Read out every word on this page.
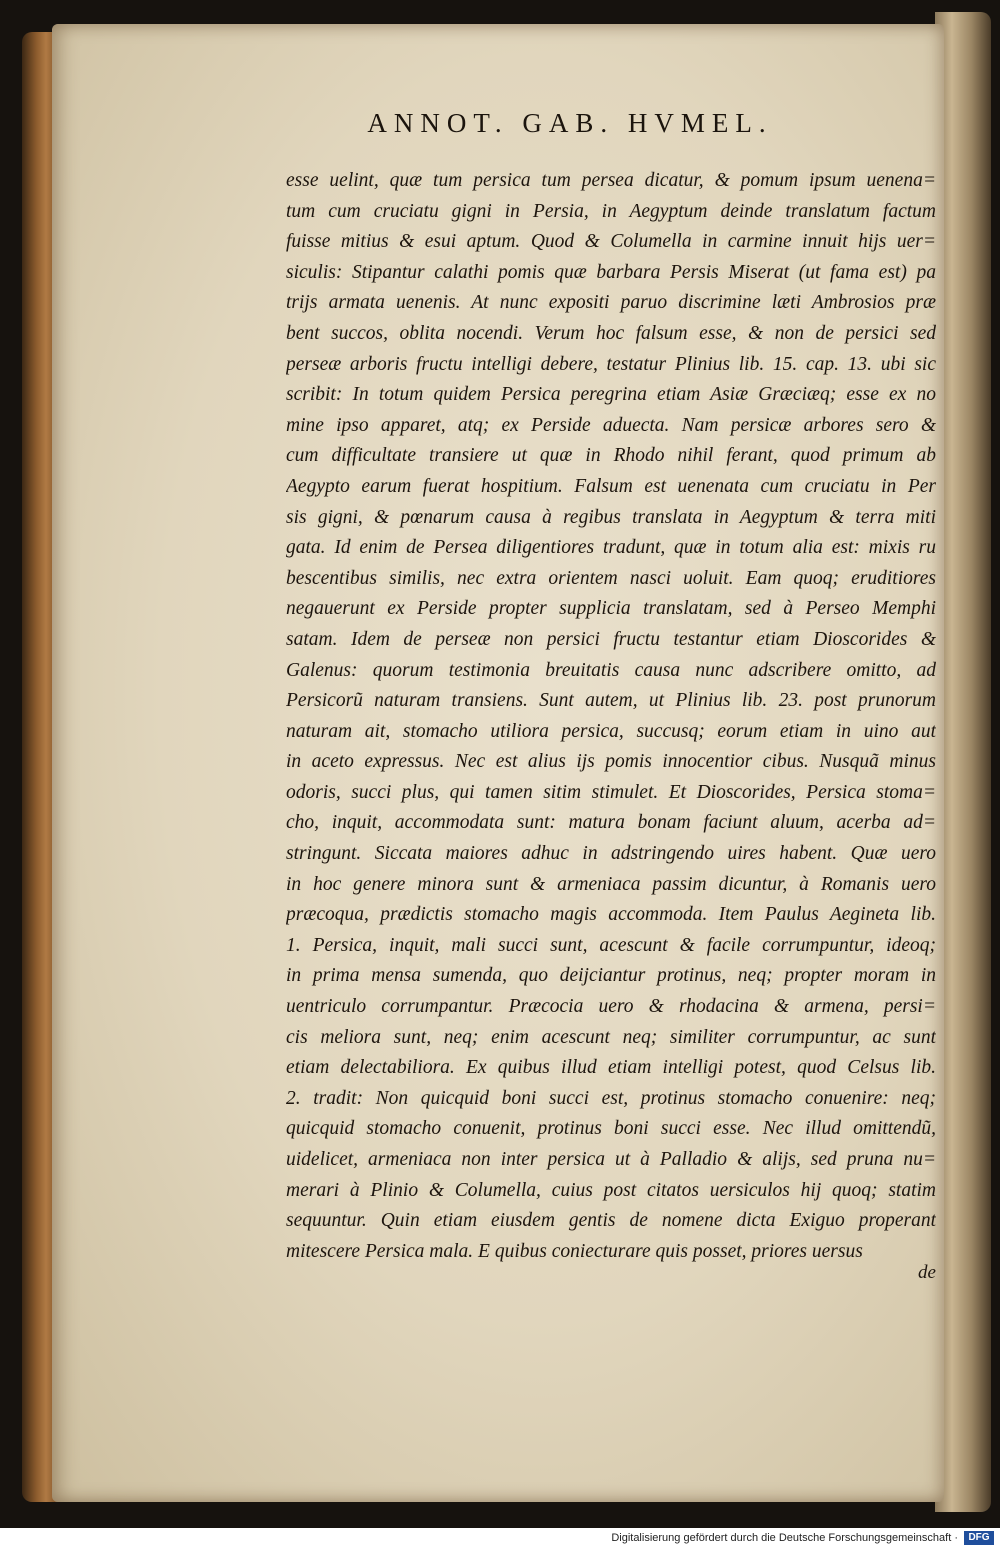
ANNOT. GAB. HVMEL.
esse uelint, quæ tum persica tum persea dicatur, & pomum ipsum uenena=
tum cum cruciatu gigni in Persia, in Aegyptum deinde translatum factum
fuisse mitius & esui aptum. Quod & Columella in carmine innuit hijs uer=
siculis: Stipantur calathi pomis quæ barbara Persis Miserat (ut fama est) pa
trijs armata uenenis. At nunc expositi paruo discrimine læti Ambrosios præ
bent succos, oblita nocendi. Verum hoc falsum esse, & non de persici sed
perseæ arboris fructu intelligi debere, testatur Plinius lib. 15. cap. 13. ubi sic
scribit: In totum quidem Persica peregrina etiam Asiæ Græciæq; esse ex no
mine ipso apparet, atq; ex Perside aduecta. Nam persicæ arbores sero &
cum difficultate transiere ut quæ in Rhodo nihil ferant, quod primum ab
Aegypto earum fuerat hospitium. Falsum est uenenata cum cruciatu in Per
sis gigni, & pœnarum causa à regibus translata in Aegyptum & terra miti
gata. Id enim de Persea diligentiores tradunt, quæ in totum alia est: mixis ru
bescentibus similis, nec extra orientem nasci uoluit. Eam quoq; eruditiores
negauerunt ex Perside propter supplicia translatam, sed à Perseo Memphi
satam. Idem de perseæ non persici fructu testantur etiam Dioscorides &
Galenus: quorum testimonia breuitatis causa nunc adscribere omitto, ad
Persicorũ naturam transiens. Sunt autem, ut Plinius lib. 23. post prunorum
naturam ait, stomacho utiliora persica, succusq; eorum etiam in uino aut
in aceto expressus. Nec est alius ijs pomis innocentior cibus. Nusquã minus
odoris, succi plus, qui tamen sitim stimulet. Et Dioscorides, Persica stoma=
cho, inquit, accommodata sunt: matura bonam faciunt aluum, acerba ad=
stringunt. Siccata maiores adhuc in adstringendo uires habent. Quæ uero
in hoc genere minora sunt & armeniaca passim dicuntur, à Romanis uero
præcoqua, prædictis stomacho magis accommoda. Item Paulus Aegineta lib.
1. Persica, inquit, mali succi sunt, acescunt & facile corrumpuntur, ideoq;
in prima mensa sumenda, quo deijciantur protinus, neq; propter moram in
uentriculo corrumpantur. Præcocia uero & rhodacina & armena, persi=
cis meliora sunt, neq; enim acescunt neq; similiter corrumpuntur, ac sunt
etiam delectabiliora. Ex quibus illud etiam intelligi potest, quod Celsus lib.
2. tradit: Non quicquid boni succi est, protinus stomacho conuenire: neq;
quicquid stomacho conuenit, protinus boni succi esse. Nec illud omittendũ,
uidelicet, armeniaca non inter persica ut à Palladio & alijs, sed pruna nu=
merari à Plinio & Columella, cuius post citatos uersiculos hij quoq; statim
sequuntur. Quin etiam eiusdem gentis de nomene dicta Exiguo properant
mitescere Persica mala. E quibus coniecturare quis posset, priores uersus
de
Digitalisierung gefördert durch die Deutsche Forschungsgemeinschaft ·	DFG
